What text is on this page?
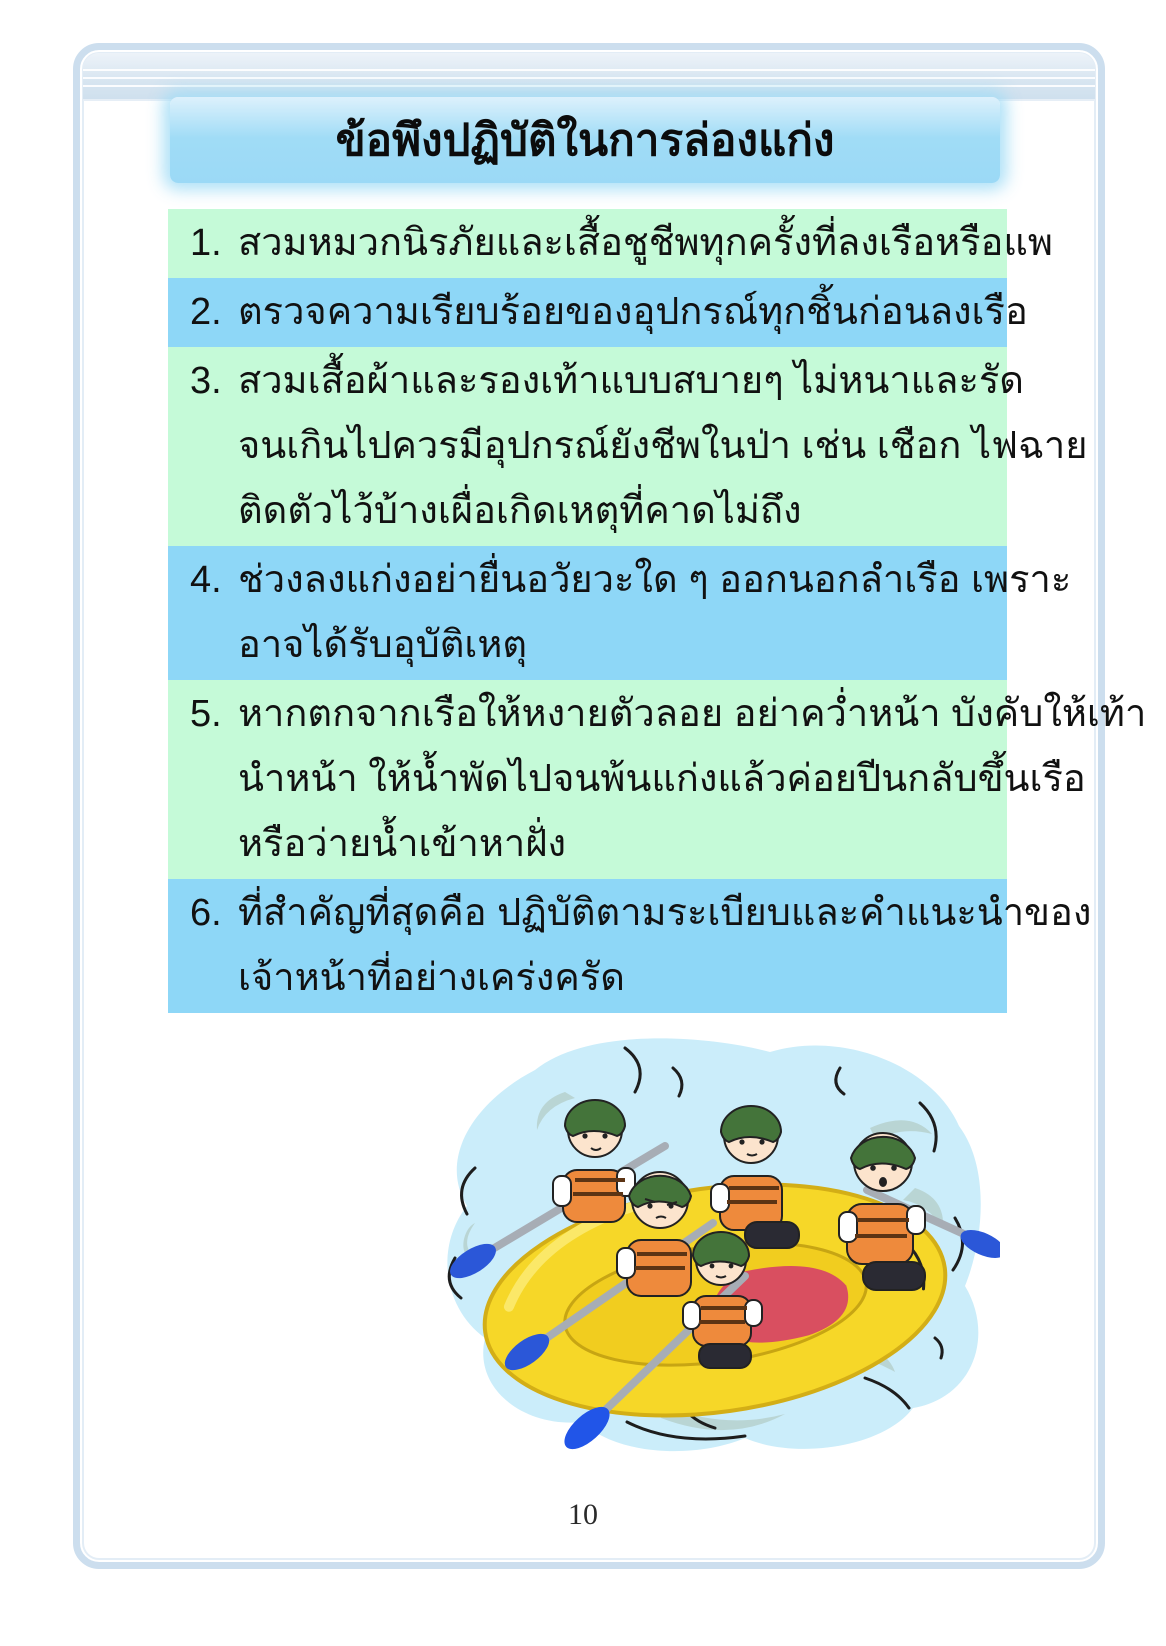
ข้อพึงปฏิบัติในการล่องแก่ง
1. สวมหมวกนิรภัยและเสื้อชูชีพทุกครั้งที่ลงเรือหรือแพ
2. ตรวจความเรียบร้อยของอุปกรณ์ทุกชิ้นก่อนลงเรือ
3. สวมเสื้อผ้าและรองเท้าแบบสบายๆ ไม่หนาและรัด
จนเกินไปควรมีอุปกรณ์ยังชีพในป่า เช่น เชือก ไฟฉาย
ติดตัวไว้บ้างเผื่อเกิดเหตุที่คาดไม่ถึง
4. ช่วงลงแก่งอย่ายื่นอวัยวะใด ๆ ออกนอกลำเรือ เพราะ
อาจได้รับอุบัติเหตุ
5. หากตกจากเรือให้หงายตัวลอย อย่าคว่ำหน้า บังคับให้เท้า
นำหน้า ให้น้ำพัดไปจนพ้นแก่งแล้วค่อยปีนกลับขึ้นเรือ
หรือว่ายน้ำเข้าหาฝั่ง
6. ที่สำคัญที่สุดคือ ปฏิบัติตามระเบียบและคำแนะนำของ
เจ้าหน้าที่อย่างเคร่งครัด
10
